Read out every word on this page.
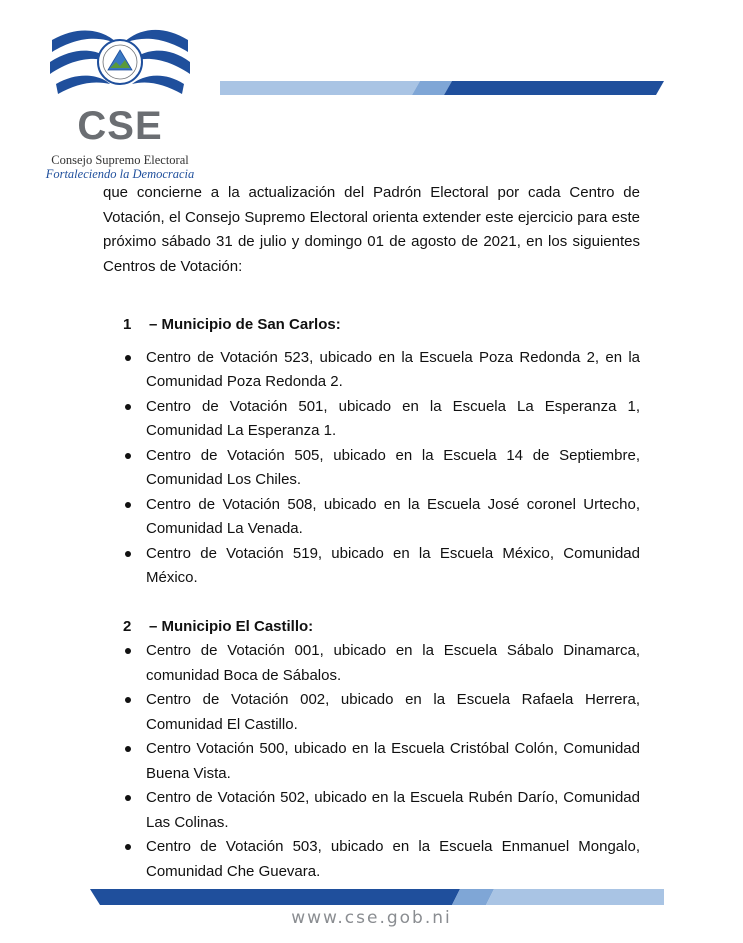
CSE
Consejo Supremo Electoral
Fortaleciendo la Democracia

que concierne a la actualización del Padrón Electoral por cada Centro de Votación, el Consejo Supremo Electoral orienta extender este ejercicio para este próximo sábado 31 de julio y domingo 01 de agosto de 2021, en los siguientes Centros de Votación:

1	– Municipio de San Carlos:
Centro de Votación 523, ubicado en la Escuela Poza Redonda 2, en la Comunidad Poza Redonda 2.
Centro de Votación 501, ubicado en la Escuela La Esperanza 1, Comunidad La Esperanza 1.
Centro de Votación 505, ubicado en la Escuela 14 de Septiembre, Comunidad Los Chiles.
Centro de Votación 508, ubicado en la Escuela José coronel Urtecho, Comunidad La Venada.
Centro de Votación 519, ubicado en la Escuela México, Comunidad México.
2	– Municipio El Castillo:
Centro de Votación 001, ubicado en la Escuela Sábalo Dinamarca, comunidad Boca de Sábalos.
Centro de Votación 002, ubicado en la Escuela Rafaela Herrera, Comunidad El Castillo.
Centro Votación 500, ubicado en la Escuela Cristóbal Colón, Comunidad Buena Vista.
Centro de Votación 502, ubicado en la Escuela Rubén Darío, Comunidad Las Colinas.
Centro de Votación 503, ubicado en la Escuela Enmanuel Mongalo, Comunidad Che Guevara.
www.cse.gob.ni
